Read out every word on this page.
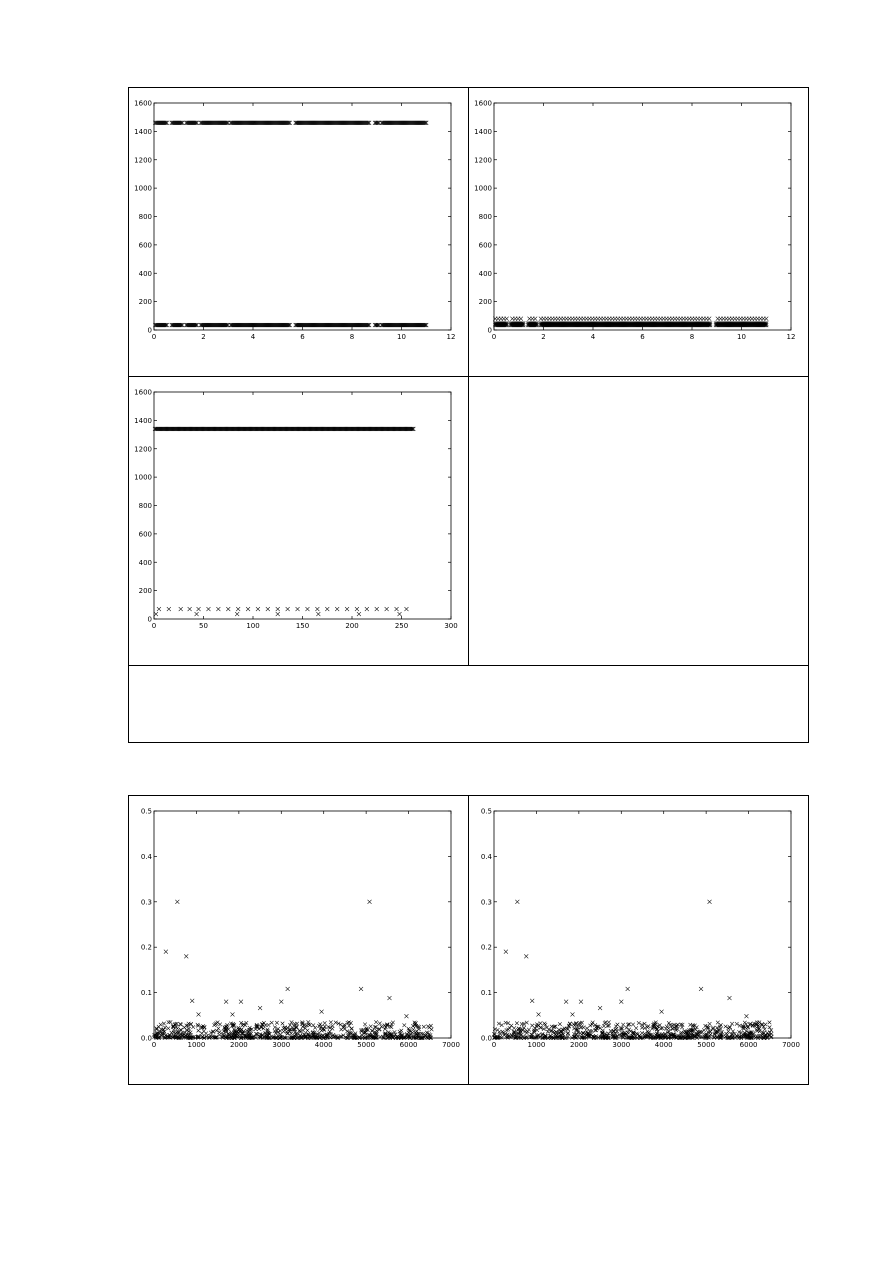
0	2	4	6	8	10	12
0
200
400
600
800
1000
1200
1400
1600
0	2	4	6	8	10	12
0
200
400
600
800
1000
1200
1400
1600
0	50	100	150	200	250	300
0
200
400
600
800
1000
1200
1400
1600
0	1000	2000	3000	4000	5000	6000	7000
0.0
0.1
0.2
0.3
0.4
0.5
0	1000	2000	3000	4000	5000	6000	7000
0.0
0.1
0.2
0.3
0.4
0.5
